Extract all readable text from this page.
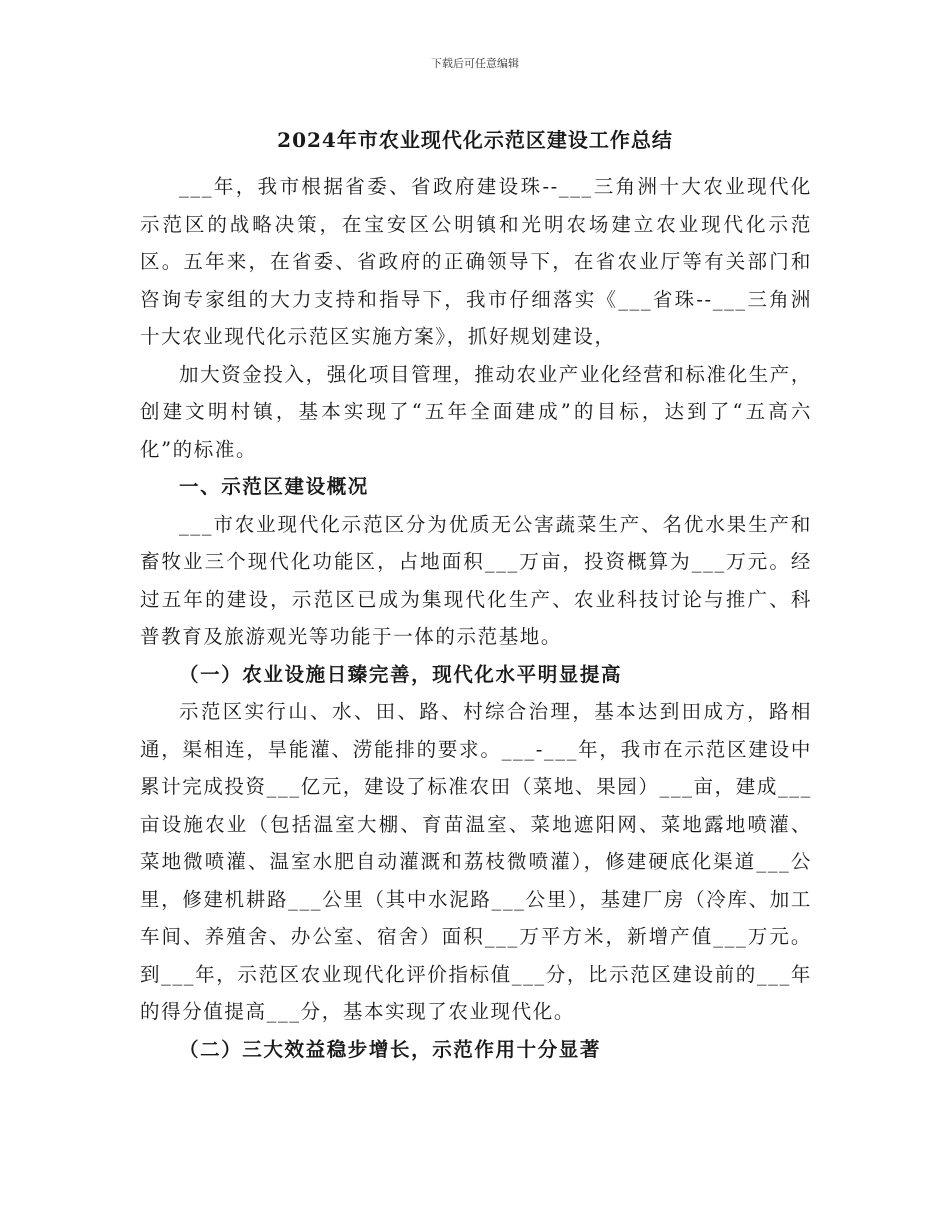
下载后可任意编辑
2024年市农业现代化示范区建设工作总结

___年，我市根据省委、省政府建设珠--___三角洲十大农业现代化示范区的战略决策，在宝安区公明镇和光明农场建立农业现代化示范区。五年来，在省委、省政府的正确领导下，在省农业厅等有关部门和咨询专家组的大力支持和指导下，我市仔细落实《___省珠--___三角洲十大农业现代化示范区实施方案》，抓好规划建设，

加大资金投入，强化项目管理，推动农业产业化经营和标准化生产，创建文明村镇，基本实现了“五年全面建成”的目标，达到了“五高六化”的标准。

一、示范区建设概况

___市农业现代化示范区分为优质无公害蔬菜生产、名优水果生产和畜牧业三个现代化功能区，占地面积___万亩，投资概算为___万元。经过五年的建设，示范区已成为集现代化生产、农业科技讨论与推广、科普教育及旅游观光等功能于一体的示范基地。

（一）农业设施日臻完善，现代化水平明显提高

示范区实行山、水、田、路、村综合治理，基本达到田成方，路相通，渠相连，旱能灌、涝能排的要求。___-___年，我市在示范区建设中累计完成投资___亿元，建设了标准农田（菜地、果园）___亩，建成___亩设施农业（包括温室大棚、育苗温室、菜地遮阳网、菜地露地喷灌、菜地微喷灌、温室水肥自动灌溉和荔枝微喷灌），修建硬底化渠道___公里，修建机耕路___公里（其中水泥路___公里），基建厂房（冷库、加工车间、养殖舍、办公室、宿舍）面积___万平方米，新增产值___万元。到___年，示范区农业现代化评价指标值___分，比示范区建设前的___年的得分值提高___分，基本实现了农业现代化。

（二）三大效益稳步增长，示范作用十分显著
